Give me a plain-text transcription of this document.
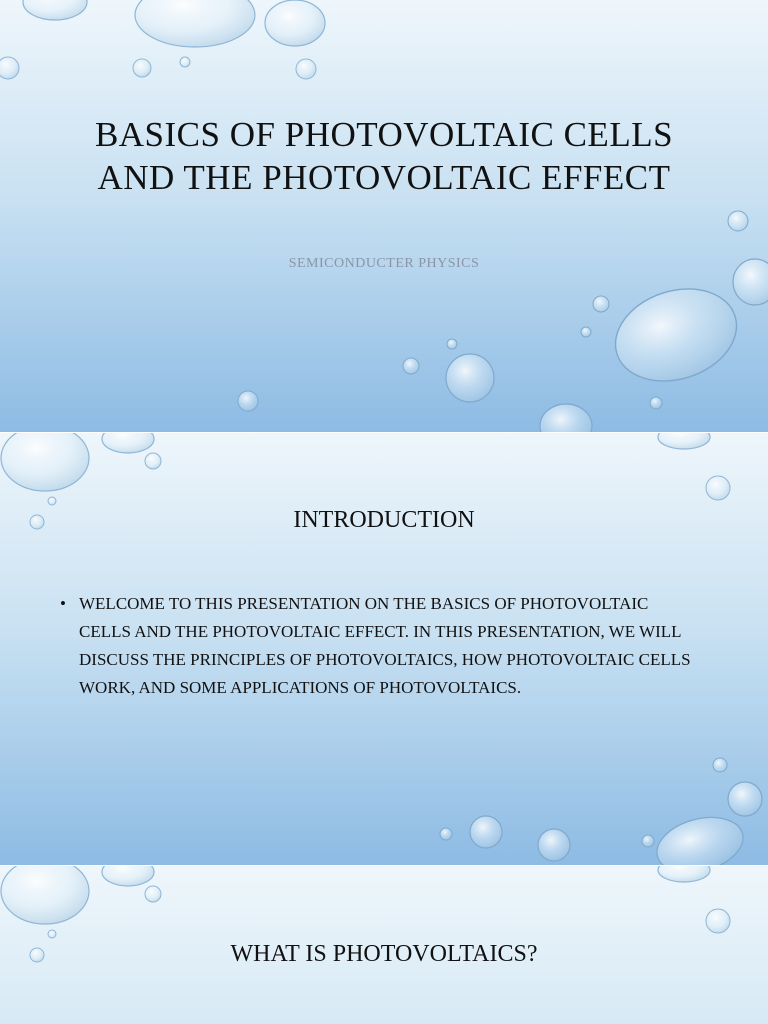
BASICS OF PHOTOVOLTAIC CELLS AND THE PHOTOVOLTAIC EFFECT
SEMICONDUCTER PHYSICS
INTRODUCTION
• WELCOME TO THIS PRESENTATION ON THE BASICS OF PHOTOVOLTAIC CELLS AND THE PHOTOVOLTAIC EFFECT. IN THIS PRESENTATION, WE WILL DISCUSS THE PRINCIPLES OF PHOTOVOLTAICS, HOW PHOTOVOLTAIC CELLS WORK, AND SOME APPLICATIONS OF PHOTOVOLTAICS.
WHAT IS PHOTOVOLTAICS?
